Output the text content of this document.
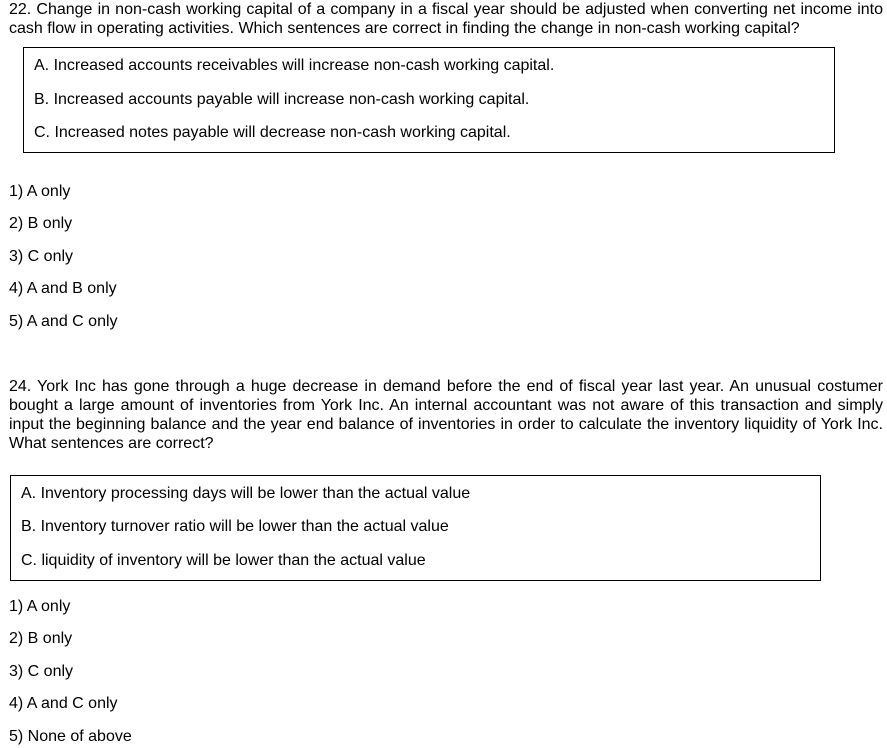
22. Change in non-cash working capital of a company in a fiscal year should be adjusted when converting net income into cash flow in operating activities. Which sentences are correct in finding the change in non-cash working capital?

A. Increased accounts receivables will increase non-cash working capital.
B. Increased accounts payable will increase non-cash working capital.
C. Increased notes payable will decrease non-cash working capital.
1) A only
2) B only
3) C only
4) A and B only
5) A and C only

24. York Inc has gone through a huge decrease in demand before the end of fiscal year last year. An unusual costumer bought a large amount of inventories from York Inc. An internal accountant was not aware of this transaction and simply input the beginning balance and the year end balance of inventories in order to calculate the inventory liquidity of York Inc. What sentences are correct?

A. Inventory processing days will be lower than the actual value
B. Inventory turnover ratio will be lower than the actual value
C. liquidity of inventory will be lower than the actual value
1) A only
2) B only
3) C only
4) A and C only
5) None of above
